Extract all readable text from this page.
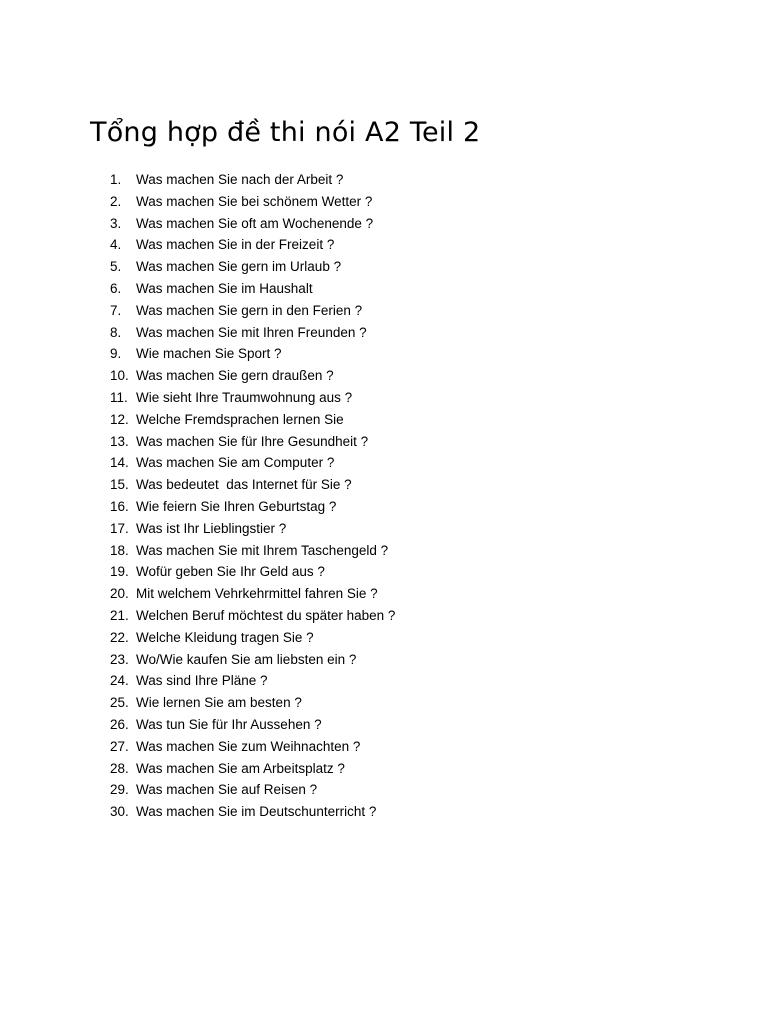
Tổng hợp đề thi nói A2 Teil 2
1.	Was machen Sie nach der Arbeit ?
2.	Was machen Sie bei schönem Wetter ?
3.	Was machen Sie oft am Wochenende ?
4.	Was machen Sie in der Freizeit ?
5.	Was machen Sie gern im Urlaub ?
6.	Was machen Sie im Haushalt
7.	Was machen Sie gern in den Ferien ?
8.	Was machen Sie mit Ihren Freunden ?
9.	Wie machen Sie Sport ?
10. Was machen Sie gern draußen ?
11. Wie sieht Ihre Traumwohnung aus ?
12. Welche Fremdsprachen lernen Sie
13. Was machen Sie für Ihre Gesundheit ?
14. Was machen Sie am Computer ?
15. Was bedeutet  das Internet für Sie ?
16. Wie feiern Sie Ihren Geburtstag ?
17. Was ist Ihr Lieblingstier ?
18. Was machen Sie mit Ihrem Taschengeld ?
19. Wofür geben Sie Ihr Geld aus ?
20. Mit welchem Vehrkehrmittel fahren Sie ?
21. Welchen Beruf möchtest du später haben ?
22. Welche Kleidung tragen Sie ?
23. Wo/Wie kaufen Sie am liebsten ein ?
24. Was sind Ihre Pläne ?
25. Wie lernen Sie am besten ?
26. Was tun Sie für Ihr Aussehen ?
27. Was machen Sie zum Weihnachten ?
28. Was machen Sie am Arbeitsplatz ?
29. Was machen Sie auf Reisen ?
30. Was machen Sie im Deutschunterricht ?
